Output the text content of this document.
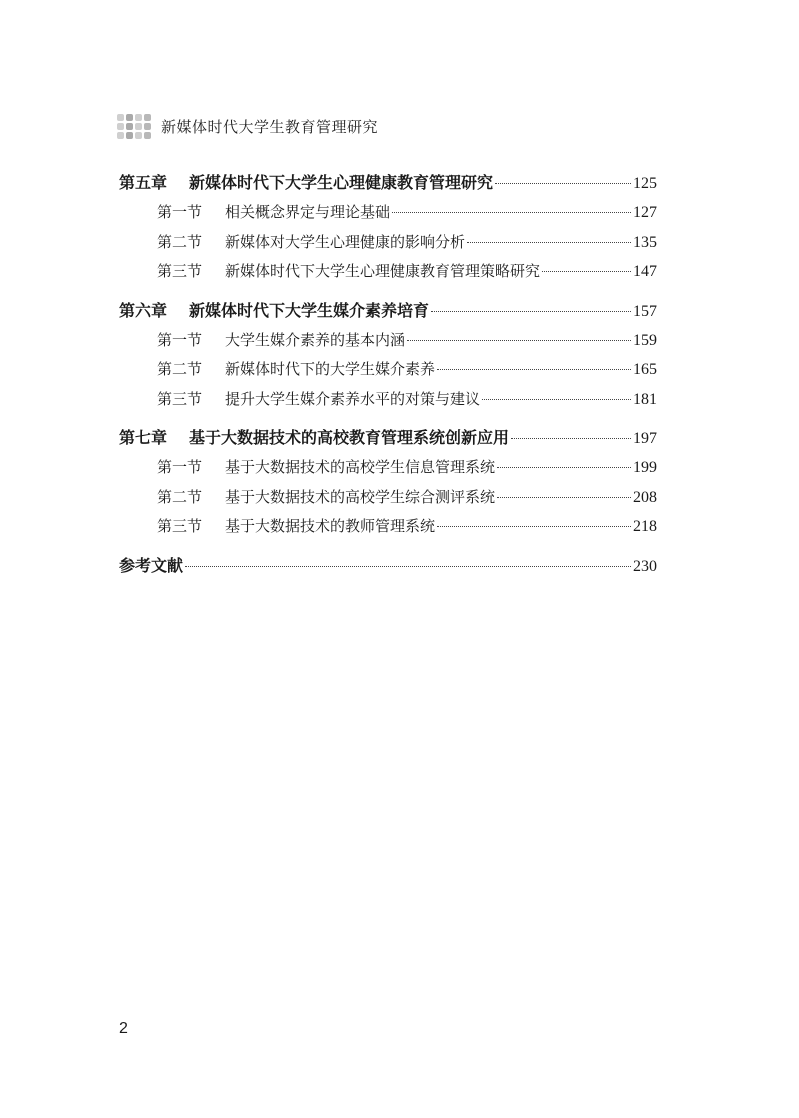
新媒体时代大学生教育管理研究
第五章	新媒体时代下大学生心理健康教育管理研究	125
第一节	相关概念界定与理论基础	127
第二节	新媒体对大学生心理健康的影响分析	135
第三节	新媒体时代下大学生心理健康教育管理策略研究	147
第六章	新媒体时代下大学生媒介素养培育	157
第一节	大学生媒介素养的基本内涵	159
第二节	新媒体时代下的大学生媒介素养	165
第三节	提升大学生媒介素养水平的对策与建议	181
第七章	基于大数据技术的高校教育管理系统创新应用	197
第一节	基于大数据技术的高校学生信息管理系统	199
第二节	基于大数据技术的高校学生综合测评系统	208
第三节	基于大数据技术的教师管理系统	218
参考文献	230
2
